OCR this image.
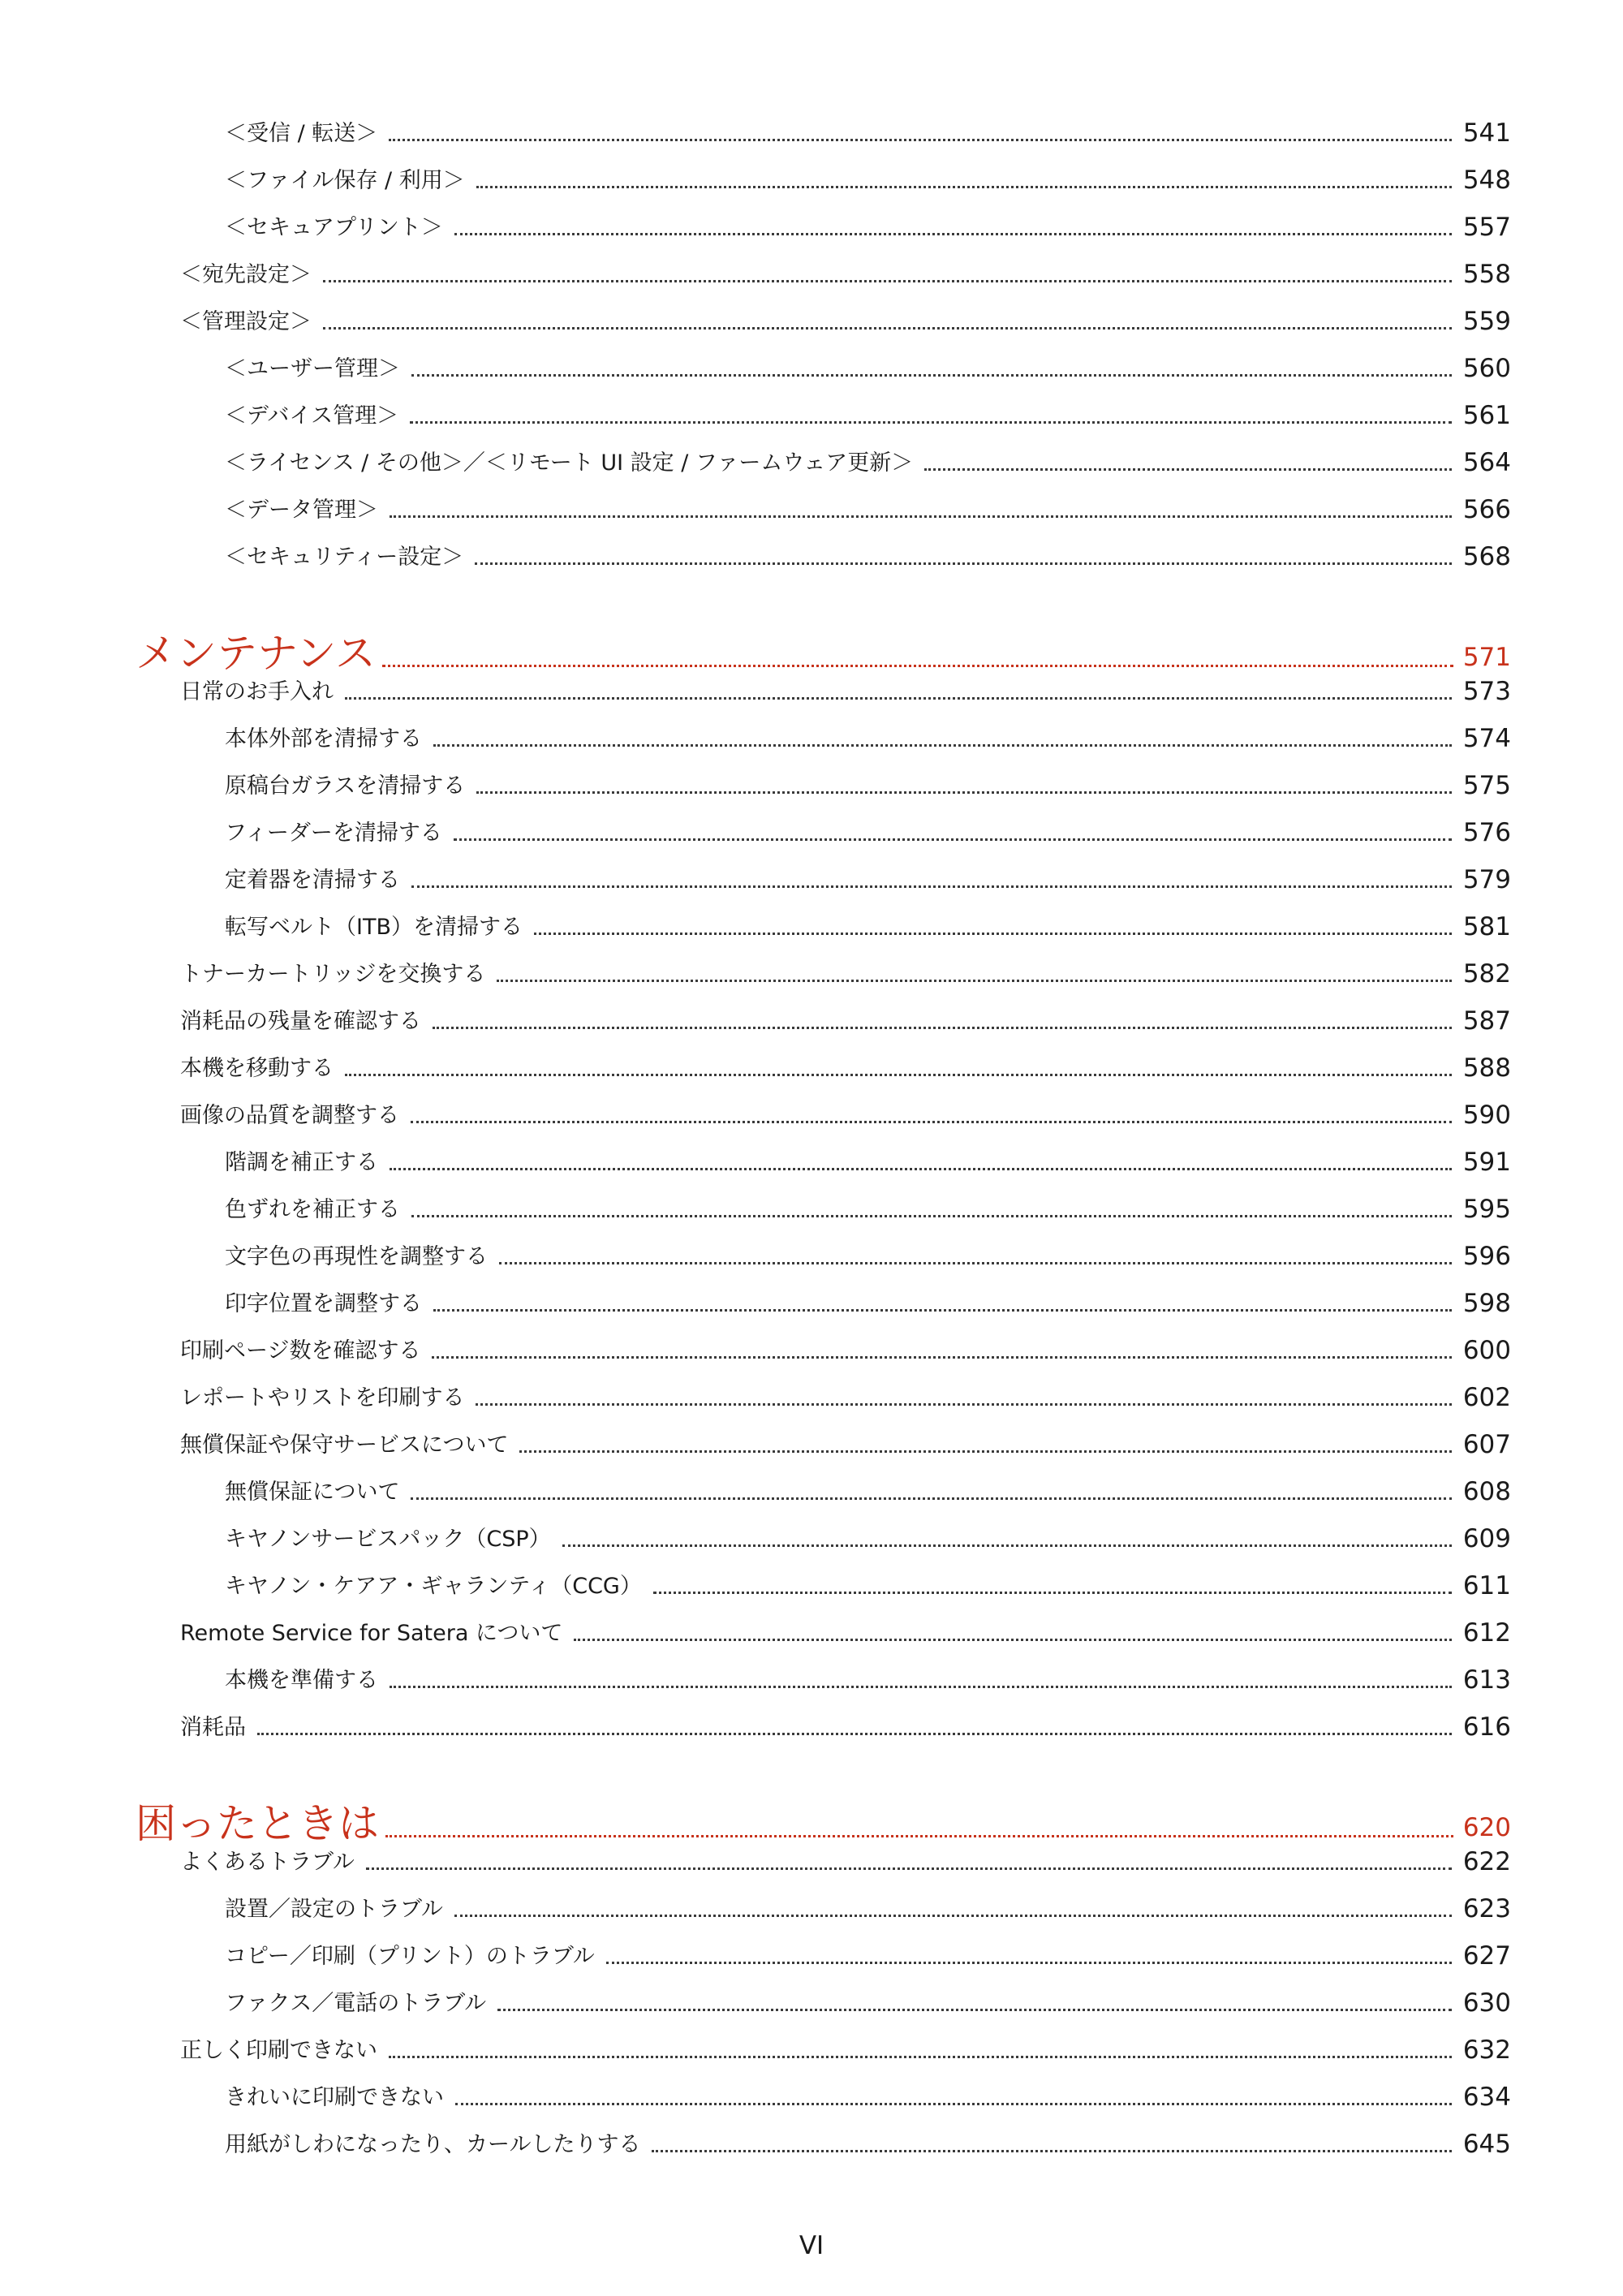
＜受信 / 転送＞	541
＜ファイル保存 / 利用＞	548
＜セキュアプリント＞	557
＜宛先設定＞	558
＜管理設定＞	559
＜ユーザー管理＞	560
＜デバイス管理＞	561
＜ライセンス / その他＞／＜リモート UI 設定 / ファームウェア更新＞	564
＜データ管理＞	566
＜セキュリティー設定＞	568
メンテナンス	571
日常のお手入れ	573
本体外部を清掃する	574
原稿台ガラスを清掃する	575
フィーダーを清掃する	576
定着器を清掃する	579
転写ベルト（ITB）を清掃する	581
トナーカートリッジを交換する	582
消耗品の残量を確認する	587
本機を移動する	588
画像の品質を調整する	590
階調を補正する	591
色ずれを補正する	595
文字色の再現性を調整する	596
印字位置を調整する	598
印刷ページ数を確認する	600
レポートやリストを印刷する	602
無償保証や保守サービスについて	607
無償保証について	608
キヤノンサービスパック（CSP）	609
キヤノン・ケアア・ギャランティ（CCG）	611
Remote Service for Satera について	612
本機を準備する	613
消耗品	616
困ったときは	620
よくあるトラブル	622
設置／設定のトラブル	623
コピー／印刷（プリント）のトラブル	627
ファクス／電話のトラブル	630
正しく印刷できない	632
きれいに印刷できない	634
用紙がしわになったり、カールしたりする	645
VI
